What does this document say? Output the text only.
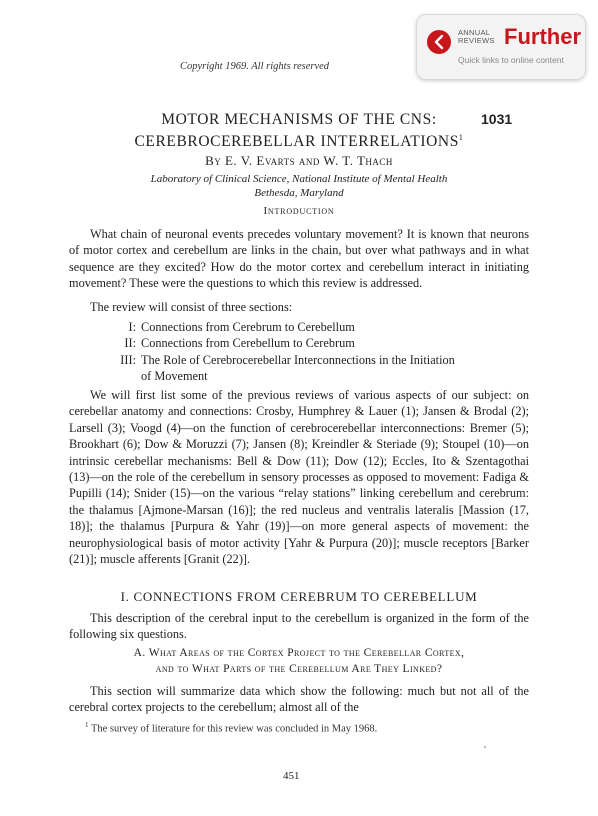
ANNUAL REVIEWS Further
Quick links to online content
Copyright 1969. All rights reserved
1031
MOTOR MECHANISMS OF THE CNS:
CEREBROCEREBELLAR INTERRELATIONS$^1$
By E. V. Evarts and W. T. Thach
Laboratory of Clinical Science, National Institute of Mental Health
Bethesda, Maryland
Introduction
What chain of neuronal events precedes voluntary movement? It is known that neurons of motor cortex and cerebellum are links in the chain, but over what pathways and in what sequence are they excited? How do the motor cortex and cerebellum interact in initiating movement? These were the questions to which this review is addressed.
The review will consist of three sections:
I: Connections from Cerebrum to Cerebellum
II: Connections from Cerebellum to Cerebrum
III: The Role of Cerebrocerebellar Interconnections in the Initiation
of Movement
We will first list some of the previous reviews of various aspects of our subject: on cerebellar anatomy and connections: Crosby, Humphrey & Lauer (1); Jansen & Brodal (2); Larsell (3); Voogd (4)—on the function of cerebrocerebellar interconnections: Bremer (5); Brookhart (6); Dow & Moruzzi (7); Jansen (8); Kreindler & Steriade (9); Stoupel (10)—on intrinsic cerebellar mechanisms: Bell & Dow (11); Dow (12); Eccles, Ito & Szentagothai (13)—on the role of the cerebellum in sensory processes as opposed to movement: Fadiga & Pupilli (14); Snider (15)—on the various “relay stations” linking cerebellum and cerebrum: the thalamus [Ajmone-Marsan (16)]; the red nucleus and ventralis lateralis [Massion (17, 18)]; the thalamus [Purpura & Yahr (19)]—on more general aspects of movement: the neurophysiological basis of motor activity [Yahr & Purpura (20)]; muscle receptors [Barker (21)]; muscle afferents [Granit (22)].
I. CONNECTIONS FROM CEREBRUM TO CEREBELLUM
This description of the cerebral input to the cerebellum is organized in the form of the following six questions.
A. What Areas of the Cortex Project to the Cerebellar Cortex,
and to What Parts of the Cerebellum Are They Linked?
This section will summarize data which show the following: much but not all of the cerebral cortex projects to the cerebellum; almost all of the
$^1$ The survey of literature for this review was concluded in May 1968.
451
